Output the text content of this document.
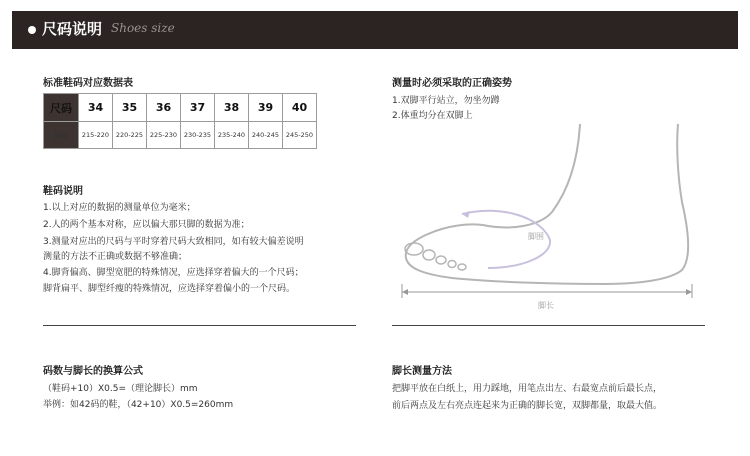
尺码说明 Shoes size
标准鞋码对应数据表
尺码	34	35	36	37	38	39	40
脚长	215-220	220-225	225-230	230-235	235-240	240-245	245-250
鞋码说明
1.以上对应的数据的测量单位为毫米；
2.人的两个基本对称，应以偏大那只脚的数据为准；
3.测量对应出的尺码与平时穿着尺码大致相同，如有较大偏差说明
测量的方法不正确或数据不够准确；
4.脚背偏高、脚型宽肥的特殊情况，应选择穿着偏大的一个尺码；
脚背扁平、脚型纤瘦的特殊情况，应选择穿着偏小的一个尺码。
测量时必须采取的正确姿势
1.双脚平行站立，勿坐勿蹲
2.体重均分在双脚上
脚围
脚长
码数与脚长的换算公式
（鞋码+10）X0.5=（理论脚长）mm
举例：如42码的鞋，（42+10）X0.5=260mm
脚长测量方法
把脚平放在白纸上，用力踩地，用笔点出左、右最宽点前后最长点，
前后两点及左右亮点连起来为正确的脚长宽，双脚都量，取最大值。
